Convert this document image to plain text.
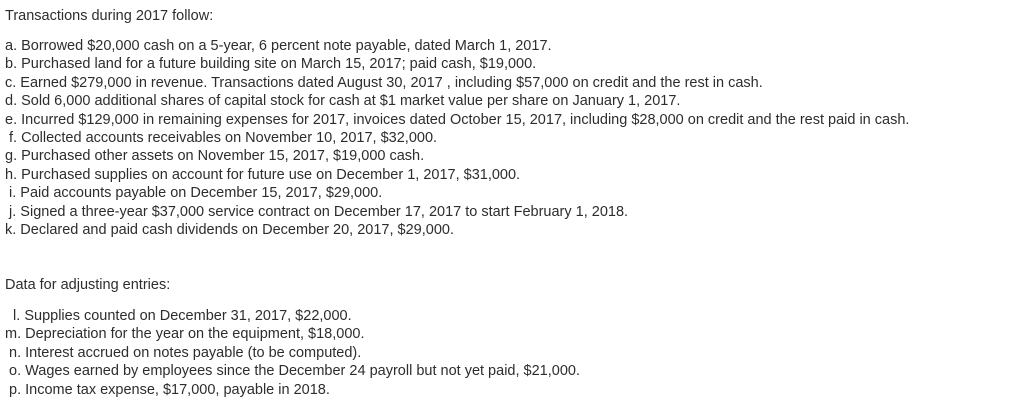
Transactions during 2017 follow:
a. Borrowed $20,000 cash on a 5-year, 6 percent note payable, dated March 1, 2017.
b. Purchased land for a future building site on March 15, 2017; paid cash, $19,000.
c. Earned $279,000 in revenue. Transactions dated August 30, 2017 , including $57,000 on credit and the rest in cash.
d. Sold 6,000 additional shares of capital stock for cash at $1 market value per share on January 1, 2017.
e. Incurred $129,000 in remaining expenses for 2017, invoices dated October 15, 2017, including $28,000 on credit and the rest paid in cash.
f. Collected accounts receivables on November 10, 2017, $32,000.
g. Purchased other assets on November 15, 2017, $19,000 cash.
h. Purchased supplies on account for future use on December 1, 2017, $31,000.
i. Paid accounts payable on December 15, 2017, $29,000.
j. Signed a three-year $37,000 service contract on December 17, 2017 to start February 1, 2018.
k. Declared and paid cash dividends on December 20, 2017, $29,000.
Data for adjusting entries:
l. Supplies counted on December 31, 2017, $22,000.
m. Depreciation for the year on the equipment, $18,000.
n. Interest accrued on notes payable (to be computed).
o. Wages earned by employees since the December 24 payroll but not yet paid, $21,000.
p. Income tax expense, $17,000, payable in 2018.
